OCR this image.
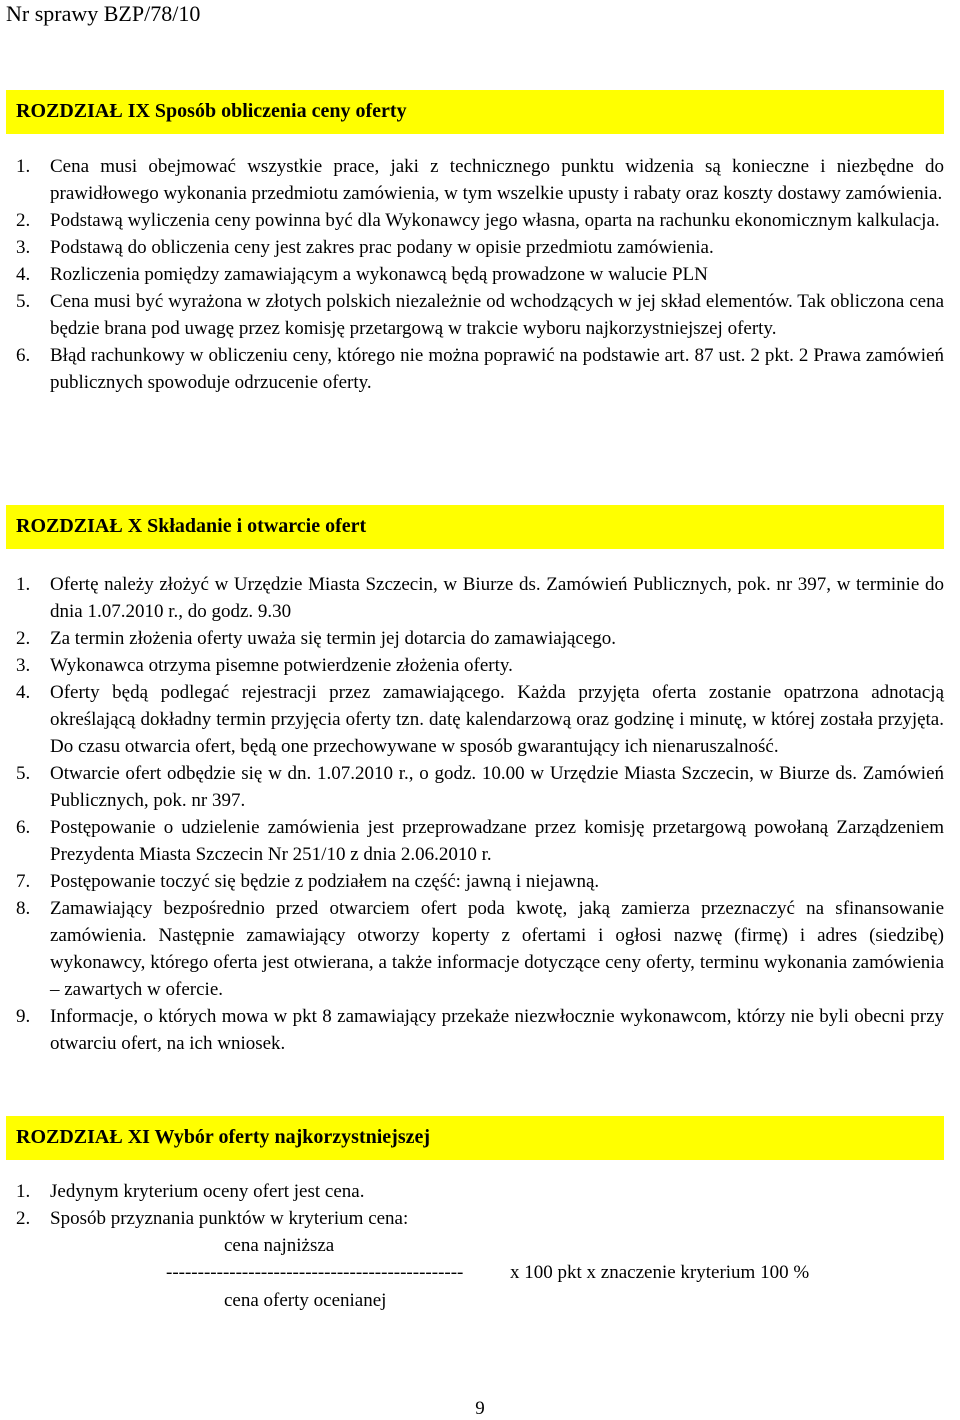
Nr sprawy BZP/78/10
ROZDZIAŁ IX Sposób obliczenia ceny oferty
1. Cena musi obejmować wszystkie prace, jaki z technicznego punktu widzenia są konieczne i niezbędne do prawidłowego wykonania przedmiotu zamówienia, w tym wszelkie upusty i rabaty oraz koszty dostawy zamówienia.
2. Podstawą wyliczenia ceny powinna być dla Wykonawcy jego własna, oparta na rachunku ekonomicznym kalkulacja.
3. Podstawą do obliczenia ceny jest zakres prac podany w opisie przedmiotu zamówienia.
4. Rozliczenia pomiędzy zamawiającym a wykonawcą będą prowadzone w walucie PLN
5. Cena musi być wyrażona w złotych polskich niezależnie od wchodzących w jej skład elementów. Tak obliczona cena będzie brana pod uwagę przez komisję przetargową w trakcie wyboru najkorzystniejszej oferty.
6. Błąd rachunkowy w obliczeniu ceny, którego nie można poprawić na podstawie art. 87 ust. 2 pkt. 2 Prawa zamówień publicznych spowoduje odrzucenie oferty.
ROZDZIAŁ X Składanie i otwarcie ofert
1. Ofertę należy złożyć w Urzędzie Miasta Szczecin, w Biurze ds. Zamówień Publicznych, pok. nr 397, w terminie do dnia 1.07.2010 r., do godz. 9.30
2. Za termin złożenia oferty uważa się termin jej dotarcia do zamawiającego.
3. Wykonawca otrzyma pisemne potwierdzenie złożenia oferty.
4. Oferty będą podlegać rejestracji przez zamawiającego. Każda przyjęta oferta zostanie opatrzona adnotacją określającą dokładny termin przyjęcia oferty tzn. datę kalendarzową oraz godzinę i minutę, w której została przyjęta. Do czasu otwarcia ofert, będą one przechowywane w sposób gwarantujący ich nienaruszalność.
5. Otwarcie ofert odbędzie się w dn. 1.07.2010 r., o godz. 10.00 w Urzędzie Miasta Szczecin, w Biurze ds. Zamówień Publicznych, pok. nr 397.
6. Postępowanie o udzielenie zamówienia jest przeprowadzane przez komisję przetargową powołaną Zarządzeniem Prezydenta Miasta Szczecin Nr 251/10 z dnia 2.06.2010 r.
7. Postępowanie toczyć się będzie z podziałem na część: jawną i niejawną.
8. Zamawiający bezpośrednio przed otwarciem ofert poda kwotę, jaką zamierza przeznaczyć na sfinansowanie zamówienia. Następnie zamawiający otworzy koperty z ofertami i ogłosi nazwę (firmę) i adres (siedzibę) wykonawcy, którego oferta jest otwierana, a także informacje dotyczące ceny oferty, terminu wykonania zamówienia – zawartych w ofercie.
9. Informacje, o których mowa w pkt 8 zamawiający przekaże niezwłocznie wykonawcom, którzy nie byli obecni przy otwarciu ofert, na ich wniosek.
ROZDZIAŁ XI Wybór oferty najkorzystniejszej
1. Jedynym kryterium oceny ofert jest cena.
2. Sposób przyznania punktów w kryterium cena:
cena najniższa
----------------------------------------------- x 100 pkt x znaczenie kryterium 100 %
cena oferty ocenianej
9
